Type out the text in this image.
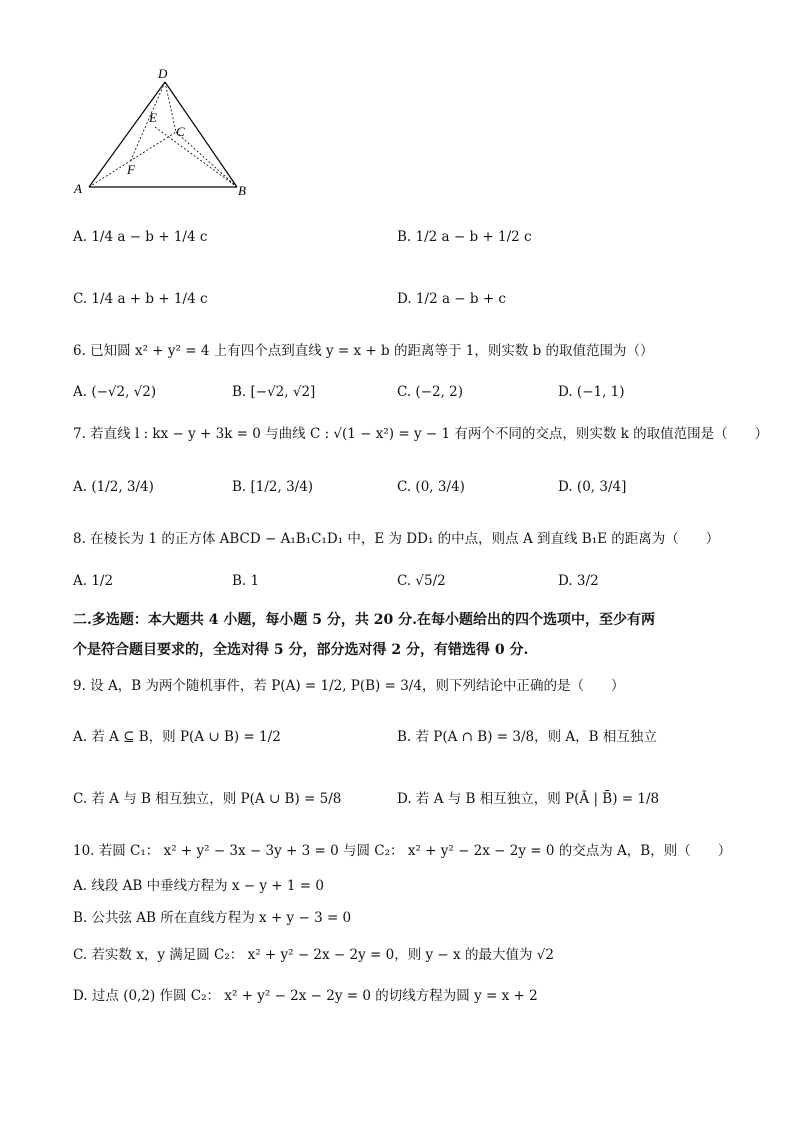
D
E
C
F
A	B
A. 1/4 a − b + 1/4 c	B. 1/2 a − b + 1/2 c
C. 1/4 a + b + 1/4 c	D. 1/2 a − b + c
6. 已知圆 x² + y² = 4 上有四个点到直线 y = x + b 的距离等于 1，则实数 b 的取值范围为（）
A. (−√2, √2)	B. [−√2, √2]	C. (−2, 2)	D. (−1, 1)
7. 若直线 l : kx − y + 3k = 0 与曲线 C : √(1 − x²) = y − 1 有两个不同的交点，则实数 k 的取值范围是（　　）
A. (1/2, 3/4)	B. [1/2, 3/4)	C. (0, 3/4)	D. (0, 3/4]
8. 在棱长为 1 的正方体 ABCD − A₁B₁C₁D₁ 中，E 为 DD₁ 的中点，则点 A 到直线 B₁E 的距离为（　　）
A. 1/2	B. 1	C. √5/2	D. 3/2
二.多选题：本大题共 4 小题，每小题 5 分，共 20 分.在每小题给出的四个选项中，至少有两
个是符合题目要求的，全选对得 5 分，部分选对得 2 分，有错选得 0 分.
9. 设 A，B 为两个随机事件，若 P(A) = 1/2, P(B) = 3/4，则下列结论中正确的是（　　）
A. 若 A ⊆ B，则 P(A ∪ B) = 1/2	B. 若 P(A ∩ B) = 3/8，则 A，B 相互独立
C. 若 A 与 B 相互独立，则 P(A ∪ B) = 5/8	D. 若 A 与 B 相互独立，则 P(Ā | B̄) = 1/8
10. 若圆 C₁： x² + y² − 3x − 3y + 3 = 0 与圆 C₂： x² + y² − 2x − 2y = 0 的交点为 A，B，则（　　）
A. 线段 AB 中垂线方程为 x − y + 1 = 0
B. 公共弦 AB 所在直线方程为 x + y − 3 = 0
C. 若实数 x，y 满足圆 C₂： x² + y² − 2x − 2y = 0，则 y − x 的最大值为 √2
D. 过点 (0,2) 作圆 C₂： x² + y² − 2x − 2y = 0 的切线方程为圆 y = x + 2
